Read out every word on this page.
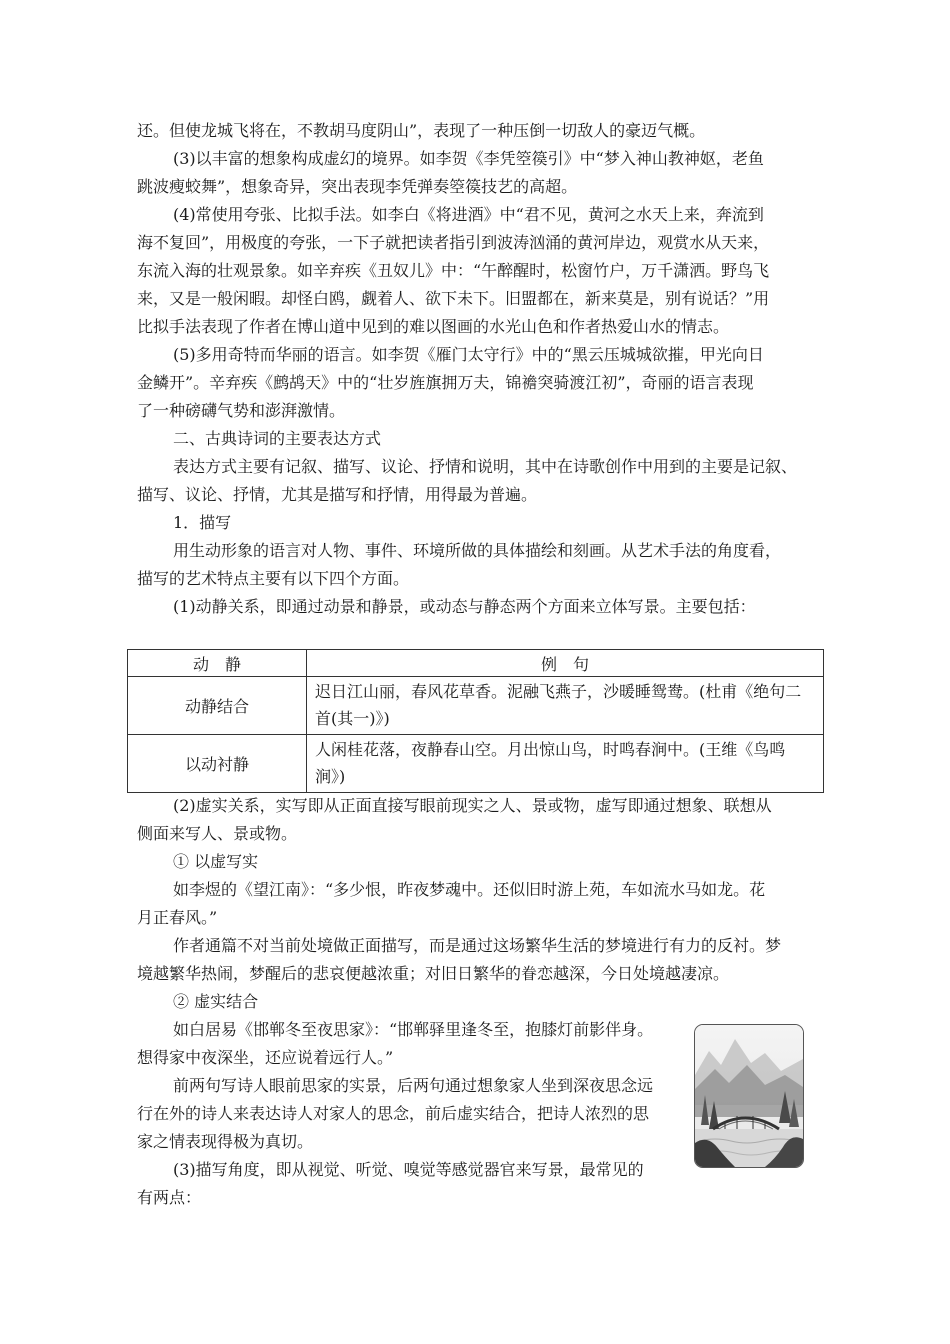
还。但使龙城飞将在，不教胡马度阴山”，表现了一种压倒一切敌人的豪迈气概。

(3)以丰富的想象构成虚幻的境界。如李贺《李凭箜篌引》中“梦入神山教神妪，老鱼

跳波瘦蛟舞”，想象奇异，突出表现李凭弹奏箜篌技艺的高超。

(4)常使用夸张、比拟手法。如李白《将进酒》中“君不见，黄河之水天上来，奔流到

海不复回”，用极度的夸张，一下子就把读者指引到波涛汹涌的黄河岸边，观赏水从天来，

东流入海的壮观景象。如辛弃疾《丑奴儿》中：“午醉醒时，松窗竹户，万千潇洒。野鸟飞

来，又是一般闲暇。却怪白鸥，觑着人、欲下未下。旧盟都在，新来莫是，别有说话？”用

比拟手法表现了作者在博山道中见到的难以图画的水光山色和作者热爱山水的情志。

(5)多用奇特而华丽的语言。如李贺《雁门太守行》中的“黑云压城城欲摧，甲光向日

金鳞开”。辛弃疾《鹧鸪天》中的“壮岁旌旗拥万夫，锦襜突骑渡江初”，奇丽的语言表现

了一种磅礴气势和澎湃激情。

二、古典诗词的主要表达方式

表达方式主要有记叙、描写、议论、抒情和说明，其中在诗歌创作中用到的主要是记叙、

描写、议论、抒情，尤其是描写和抒情，用得最为普遍。

1．描写

用生动形象的语言对人物、事件、环境所做的具体描绘和刻画。从艺术手法的角度看，

描写的艺术特点主要有以下四个方面。

(1)动静关系，即通过动景和静景，或动态与静态两个方面来立体写景。主要包括：

动　静	例　句
动静结合	迟日江山丽，春风花草香。泥融飞燕子，沙暖睡鸳鸯。(杜甫《绝句二首(其一)》)
以动衬静	人闲桂花落，夜静春山空。月出惊山鸟，时鸣春涧中。(王维《鸟鸣涧》)

(2)虚实关系，实写即从正面直接写眼前现实之人、景或物，虚写即通过想象、联想从

侧面来写人、景或物。

① 以虚写实

如李煜的《望江南》：“多少恨，昨夜梦魂中。还似旧时游上苑，车如流水马如龙。花

月正春风。”

作者通篇不对当前处境做正面描写，而是通过这场繁华生活的梦境进行有力的反衬。梦

境越繁华热闹，梦醒后的悲哀便越浓重；对旧日繁华的眷恋越深，今日处境越凄凉。

② 虚实结合

如白居易《邯郸冬至夜思家》：“邯郸驿里逢冬至，抱膝灯前影伴身。

想得家中夜深坐，还应说着远行人。”

前两句写诗人眼前思家的实景，后两句通过想象家人坐到深夜思念远

行在外的诗人来表达诗人对家人的思念，前后虚实结合，把诗人浓烈的思

家之情表现得极为真切。

(3)描写角度，即从视觉、听觉、嗅觉等感觉器官来写景，最常见的

有两点：
